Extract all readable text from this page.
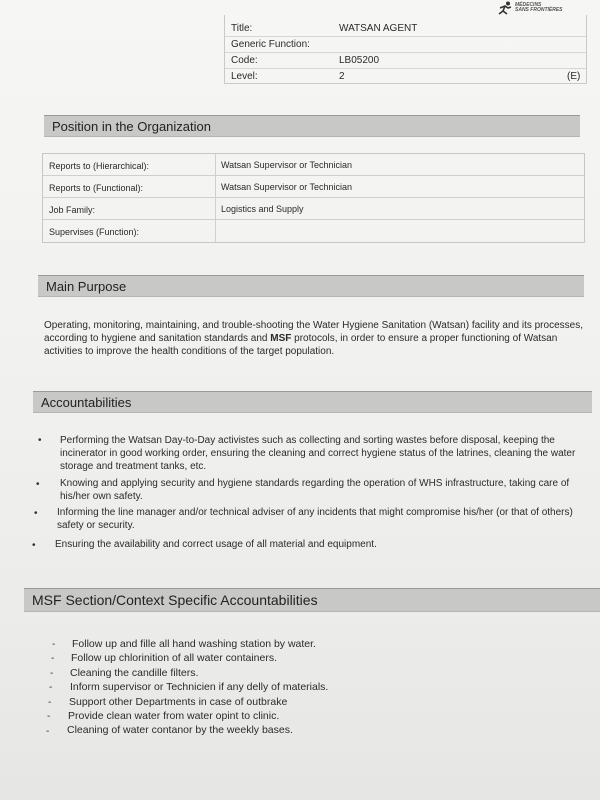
MÉDECINS
SANS FRONTIÈRES
Title:	WATSAN AGENT
Generic Function:
Code:	LB05200
Level:	2	(E)
Position in the Organization
Reports to (Hierarchical):	Watsan Supervisor or Technician
Reports to (Functional):	Watsan Supervisor or Technician
Job Family:	Logistics and Supply
Supervises (Function):
Main Purpose
Operating, monitoring, maintaining, and trouble-shooting the Water Hygiene Sanitation (Watsan) facility and its processes, according to hygiene and sanitation standards and MSF protocols, in order to ensure a proper functioning of Watsan activities to improve the health conditions of the target population.
Accountabilities
• Performing the Watsan Day-to-Day activistes such as collecting and sorting wastes before disposal, keeping the incinerator in good working order, ensuring the cleaning and correct hygiene status of the latrines, cleaning the water storage and treatment tanks, etc.
• Knowing and applying security and hygiene standards regarding the operation of WHS infrastructure, taking care of his/her own safety.
• Informing the line manager and/or technical adviser of any incidents that might compromise his/her (or that of others) safety or security.
• Ensuring the availability and correct usage of all material and equipment.
MSF Section/Context Specific Accountabilities
- Follow up and fille all hand washing station by water.
- Follow up chlorinition of all water containers.
- Cleaning the candille filters.
- Inform supervisor or Technicien if any delly of materials.
- Support other Departments in case of outbrake
- Provide clean water from water opint to clinic.
- Cleaning of water contanor by the weekly bases.
